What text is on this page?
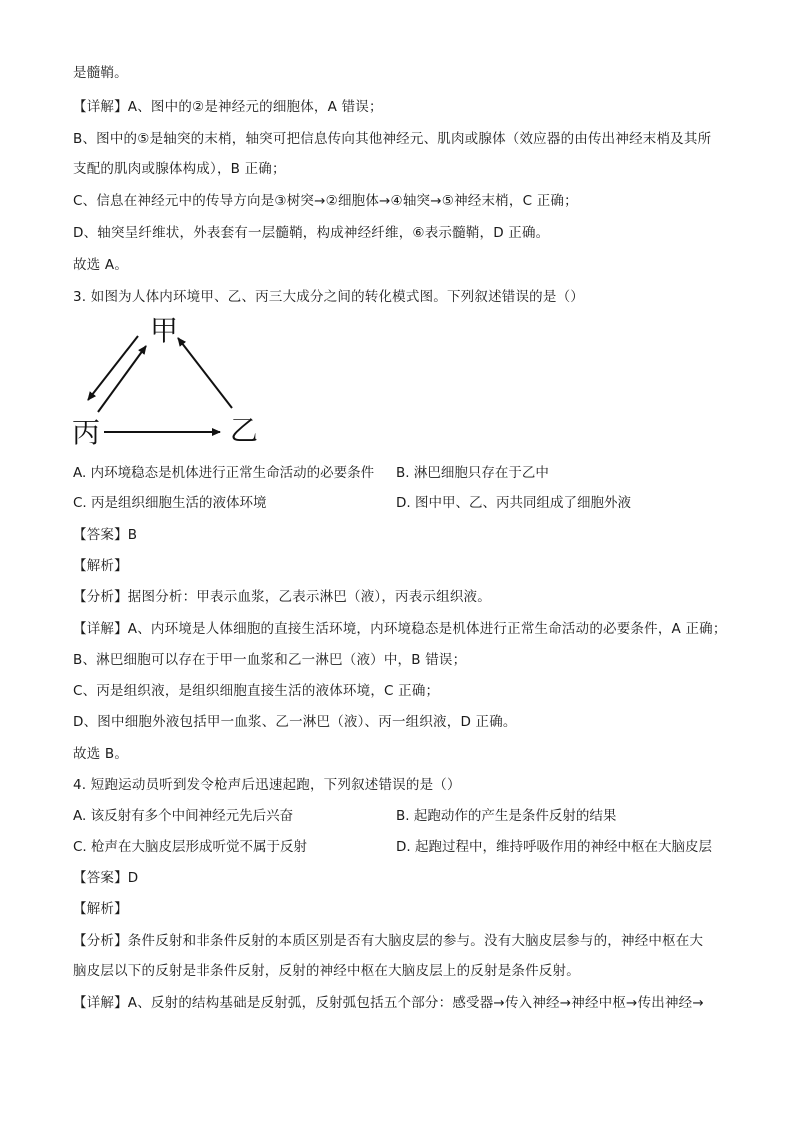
是髓鞘。
【详解】A、图中的②是神经元的细胞体，A 错误；
B、图中的⑤是轴突的末梢，轴突可把信息传向其他神经元、肌肉或腺体（效应器的由传出神经末梢及其所
支配的肌肉或腺体构成），B 正确；
C、信息在神经元中的传导方向是③树突→②细胞体→④轴突→⑤神经末梢，C 正确；
D、轴突呈纤维状，外表套有一层髓鞘，构成神经纤维，⑥表示髓鞘，D 正确。
故选 A。
3. 如图为人体内环境甲、乙、丙三大成分之间的转化模式图。下列叙述错误的是（）
甲
丙	乙
A. 内环境稳态是机体进行正常生命活动的必要条件 B. 淋巴细胞只存在于乙中
C. 丙是组织细胞生活的液体环境	D. 图中甲、乙、丙共同组成了细胞外液
【答案】B
【解析】
【分析】据图分析：甲表示血浆，乙表示淋巴（液），丙表示组织液。
【详解】A、内环境是人体细胞的直接生活环境，内环境稳态是机体进行正常生命活动的必要条件，A 正确；
B、淋巴细胞可以存在于甲一血浆和乙一淋巴（液）中，B 错误；
C、丙是组织液，是组织细胞直接生活的液体环境，C 正确；
D、图中细胞外液包括甲一血浆、乙一淋巴（液）、丙一组织液，D 正确。
故选 B。
4. 短跑运动员听到发令枪声后迅速起跑，下列叙述错误的是（）
A. 该反射有多个中间神经元先后兴奋	B. 起跑动作的产生是条件反射的结果
C. 枪声在大脑皮层形成听觉不属于反射	D. 起跑过程中，维持呼吸作用的神经中枢在大脑皮层
【答案】D
【解析】
【分析】条件反射和非条件反射的本质区别是否有大脑皮层的参与。没有大脑皮层参与的，神经中枢在大
脑皮层以下的反射是非条件反射，反射的神经中枢在大脑皮层上的反射是条件反射。
【详解】A、反射的结构基础是反射弧，反射弧包括五个部分：感受器→传入神经→神经中枢→传出神经→
